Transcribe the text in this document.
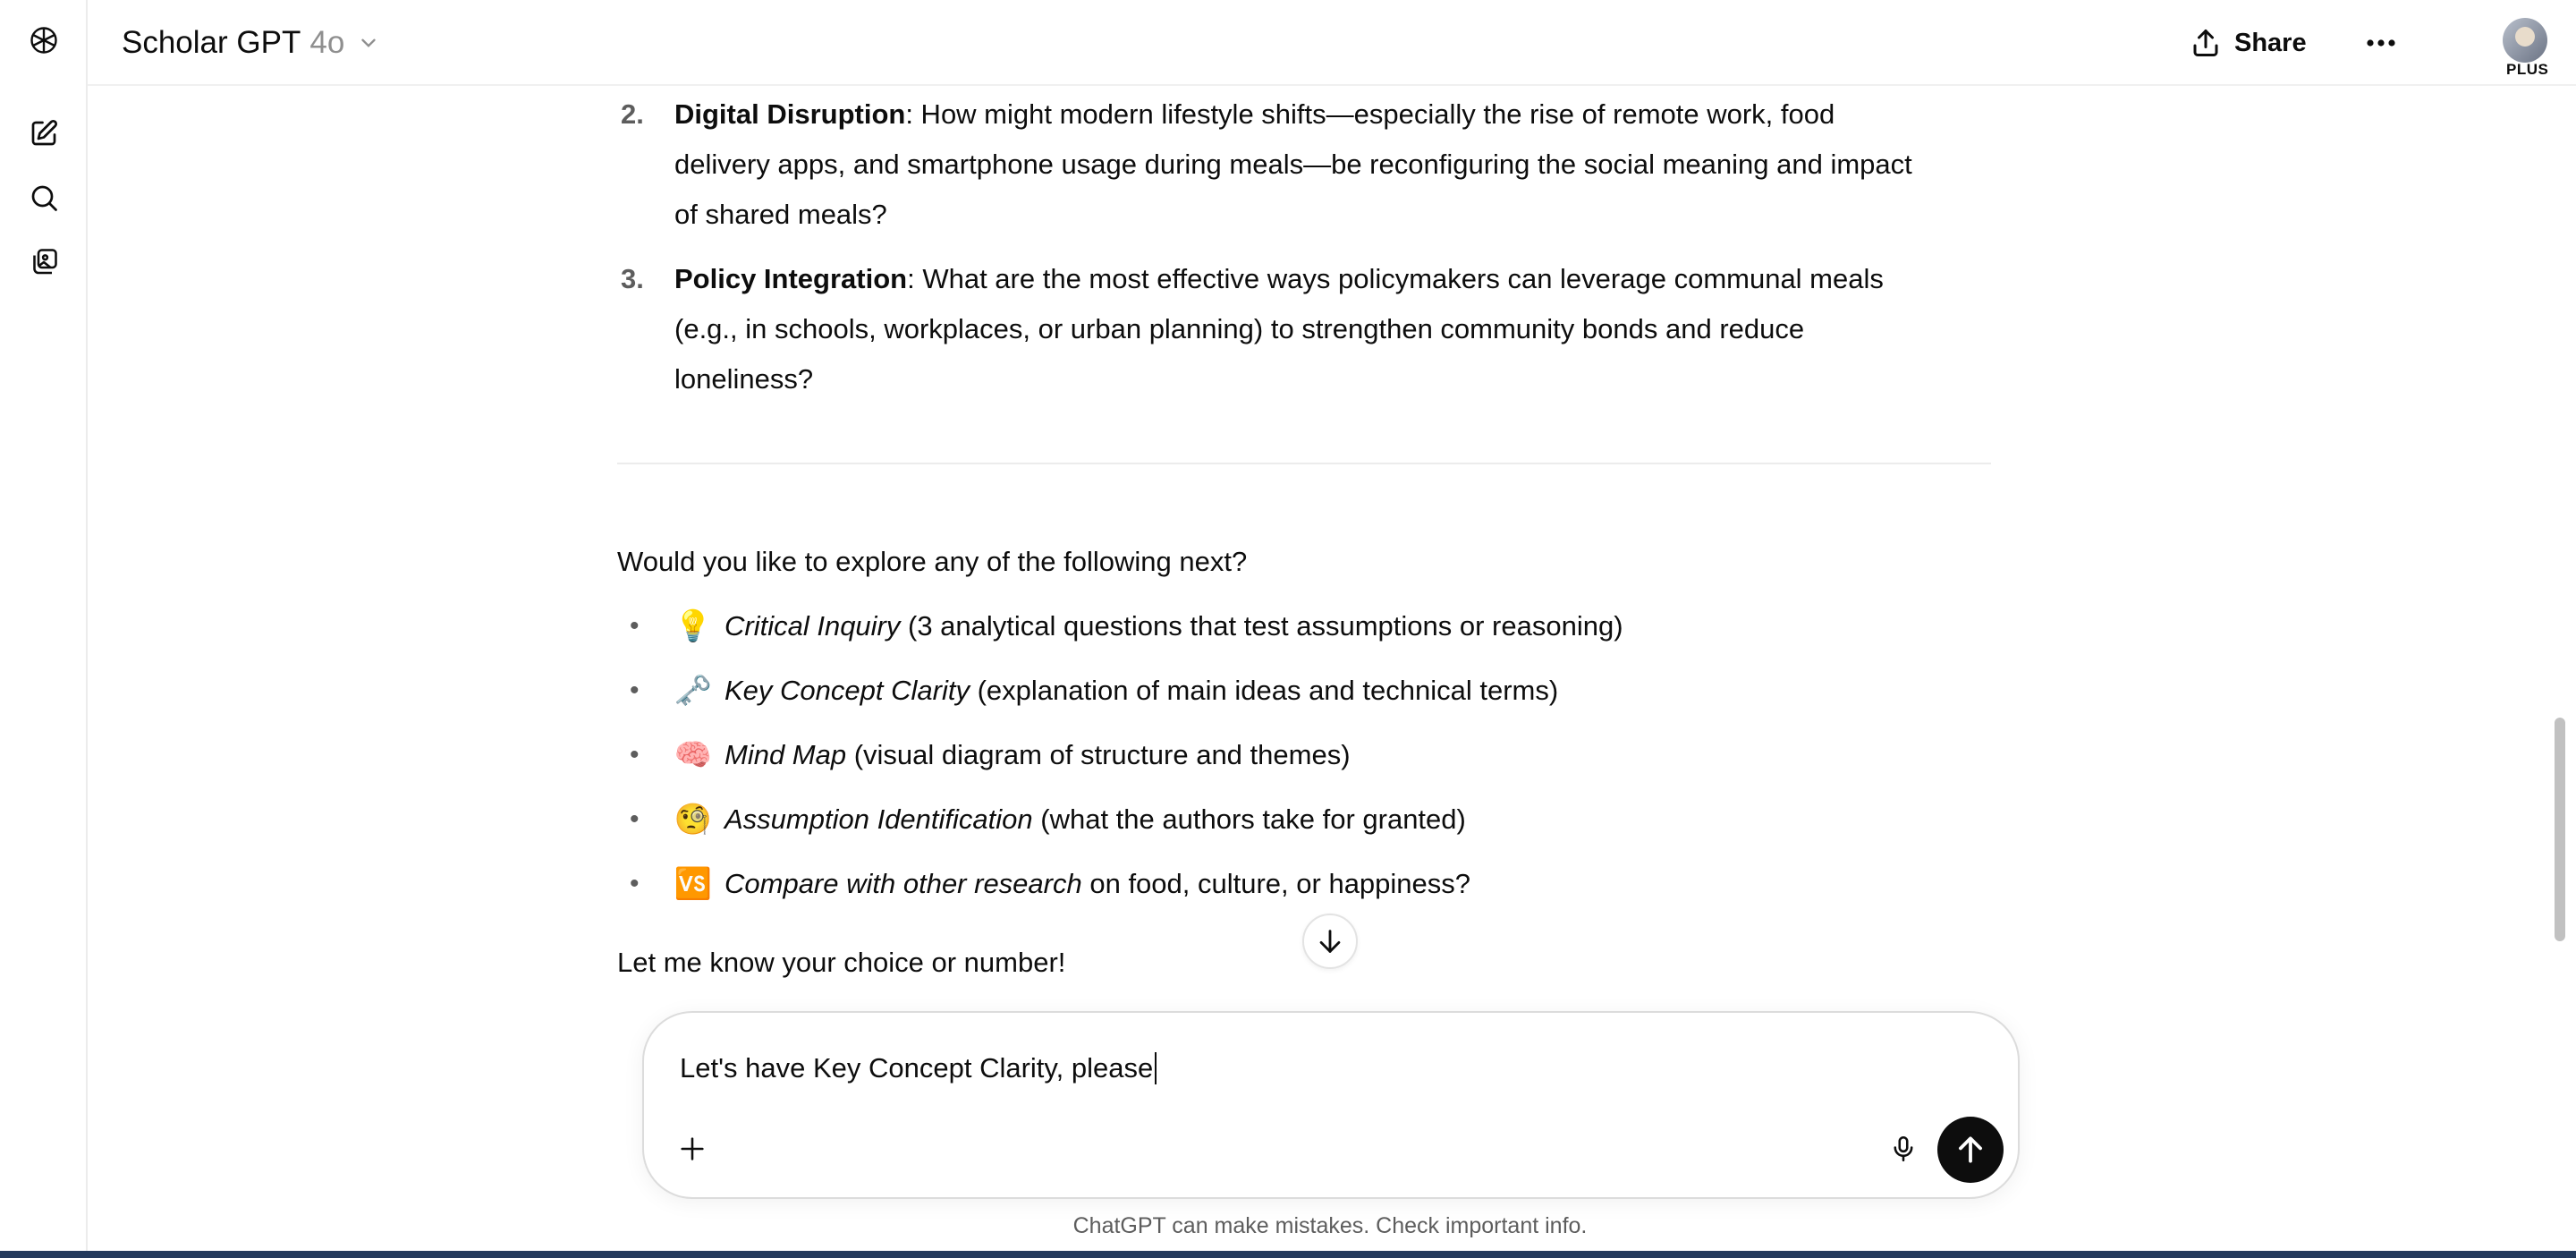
Scholar GPT 4o	Share
PLUS
2. Digital Disruption: How might modern lifestyle shifts—especially the rise of remote work, food
delivery apps, and smartphone usage during meals—be reconfiguring the social meaning and impact
of shared meals?
3. Policy Integration: What are the most effective ways policymakers can leverage communal meals
(e.g., in schools, workplaces, or urban planning) to strengthen community bonds and reduce
loneliness?
Would you like to explore any of the following next?
•	💡 Critical Inquiry (3 analytical questions that test assumptions or reasoning)
•	🗝️ Key Concept Clarity (explanation of main ideas and technical terms)
•	🧠 Mind Map (visual diagram of structure and themes)
•	🧐 Assumption Identification (what the authors take for granted)
•	🆚 Compare with other research on food, culture, or happiness?
Let me know your choice or number!
Let's have Key Concept Clarity, please
ChatGPT can make mistakes. Check important info.
